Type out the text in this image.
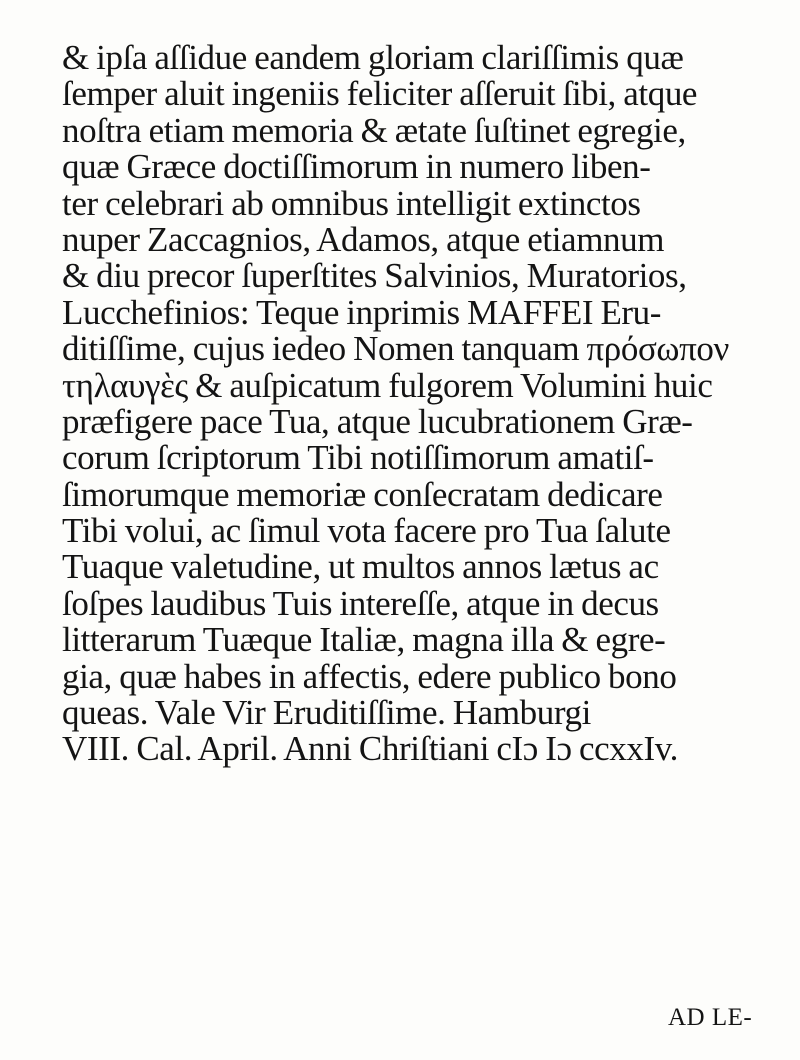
& ipſa aſſidue eandem gloriam clariſſimis quæ
ſemper aluit ingeniis feliciter aſſeruit ſibi, atque
noſtra etiam memoria & ætate ſuſtinet egregie,
quæ Græce doctiſſimorum in numero liben-
ter celebrari ab omnibus intelligit extinctos
nuper Zaccagnios, Adamos, atque etiamnum
& diu precor ſuperſtites Salvinios, Muratorios,
Lucchefinios: Teque inprimis MAFFEI Eru-
ditiſſime, cujus iedeo Nomen tanquam πρόσωπον
τηλαυγὲς & auſpicatum fulgorem Volumini huic
præfigere pace Tua, atque lucubrationem Græ-
corum ſcriptorum Tibi notiſſimorum amatiſ-
ſimorumque memoriæ conſecratam dedicare
Tibi volui, ac ſimul vota facere pro Tua ſalute
Tuaque valetudine, ut multos annos lætus ac
ſoſpes laudibus Tuis intereſſe, atque in decus
litterarum Tuæque Italiæ, magna illa & egre-
gia, quæ habes in affectis, edere publico bono
queas. Vale Vir Eruditiſſime. Hamburgi
VIII. Cal. April. Anni Chriſtiani cIɔ Iɔ ccxxIv.
AD LE-
